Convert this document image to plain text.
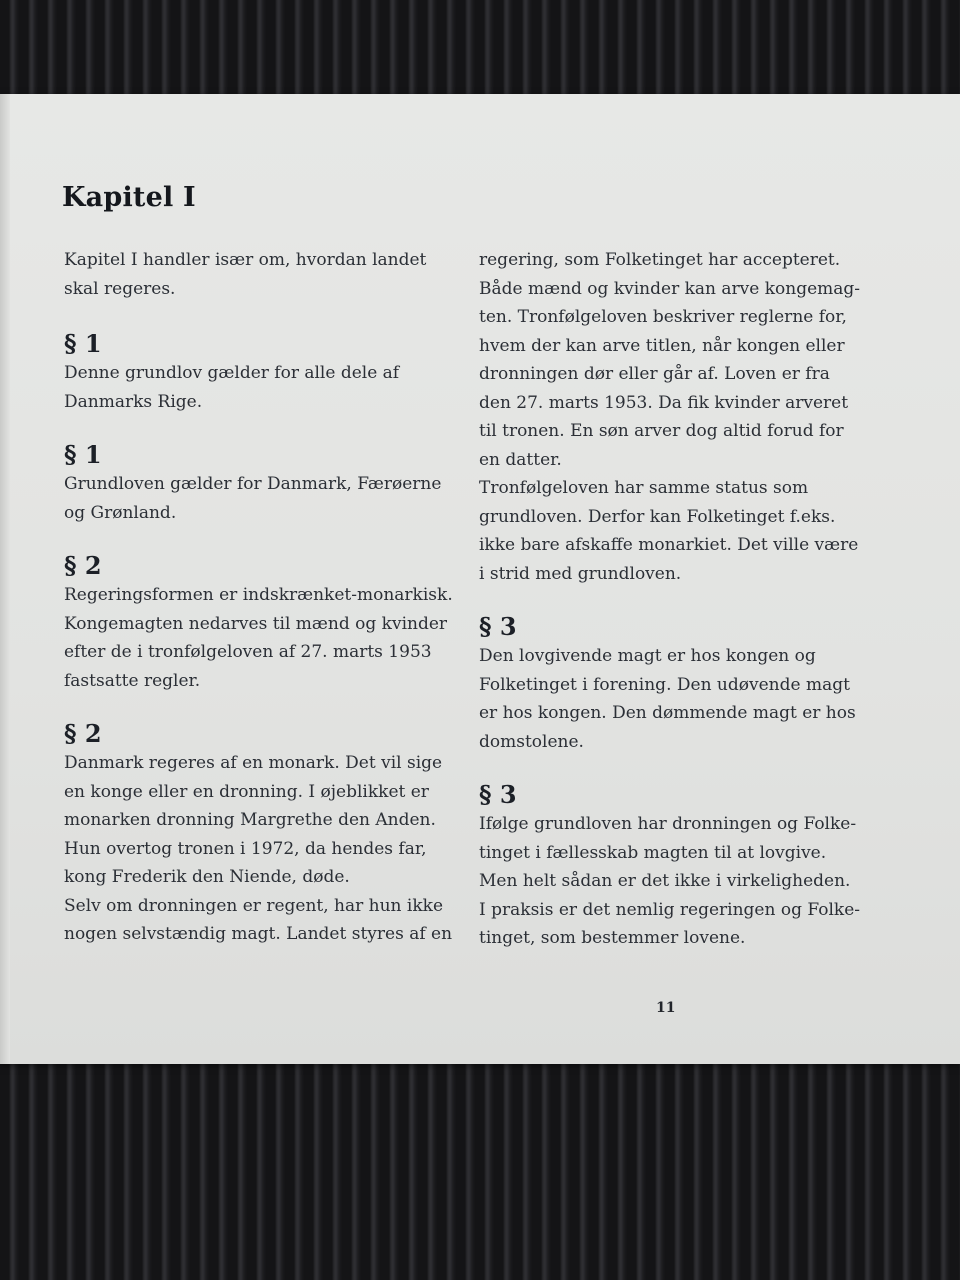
Kapitel I

Kapitel I handler især om, hvordan landet

skal regeres.

§ 1

Denne grundlov gælder for alle dele af

Danmarks Rige.

§ 1

Grundloven gælder for Danmark, Færøerne

og Grønland.

§ 2

Regeringsformen er indskrænket-monarkisk.

Kongemagten nedarves til mænd og kvinder

efter de i tronfølgeloven af 27. marts 1953

fastsatte regler.

§ 2

Danmark regeres af en monark. Det vil sige

en konge eller en dronning. I øjeblikket er

monarken dronning Margrethe den Anden.

Hun overtog tronen i 1972, da hendes far,

kong Frederik den Niende, døde.

Selv om dronningen er regent, har hun ikke

nogen selvstændig magt. Landet styres af en

regering, som Folketinget har accepteret.

Både mænd og kvinder kan arve kongemag-

ten. Tronfølgeloven beskriver reglerne for,

hvem der kan arve titlen, når kongen eller

dronningen dør eller går af. Loven er fra

den 27. marts 1953. Da fik kvinder arveret

til tronen. En søn arver dog altid forud for

en datter.

Tronfølgeloven har samme status som

grundloven. Derfor kan Folketinget f.eks.

ikke bare afskaffe monarkiet. Det ville være

i strid med grundloven.

§ 3

Den lovgivende magt er hos kongen og

Folketinget i forening. Den udøvende magt

er hos kongen. Den dømmende magt er hos

domstolene.

§ 3

Ifølge grundloven har dronningen og Folke-

tinget i fællesskab magten til at lovgive.

Men helt sådan er det ikke i virkeligheden.

I praksis er det nemlig regeringen og Folke-

tinget, som bestemmer lovene.

11
